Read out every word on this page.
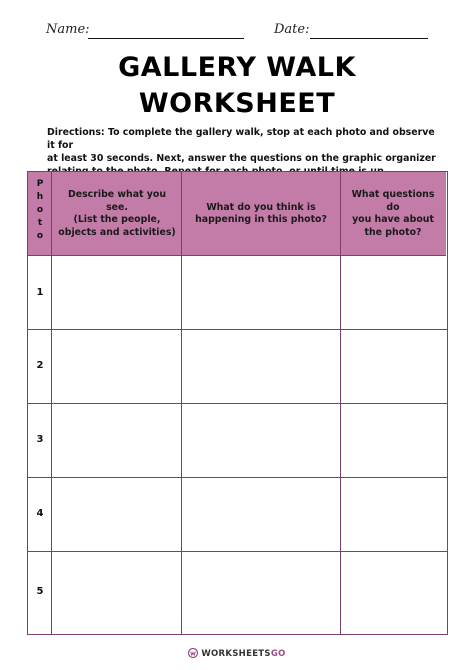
Name:	Date:
GALLERY WALK
WORKSHEET
Directions: To complete the gallery walk, stop at each photo and observe it for
at least 30 seconds. Next, answer the questions on the graphic organizer
P
h
o
t
o
Describe what you see.
(List the people,
objects and activities)
What do you think is
happening in this photo?
What questions do
you have about
the photo?
1
2
3
4
5
WORKSHEETSGO
